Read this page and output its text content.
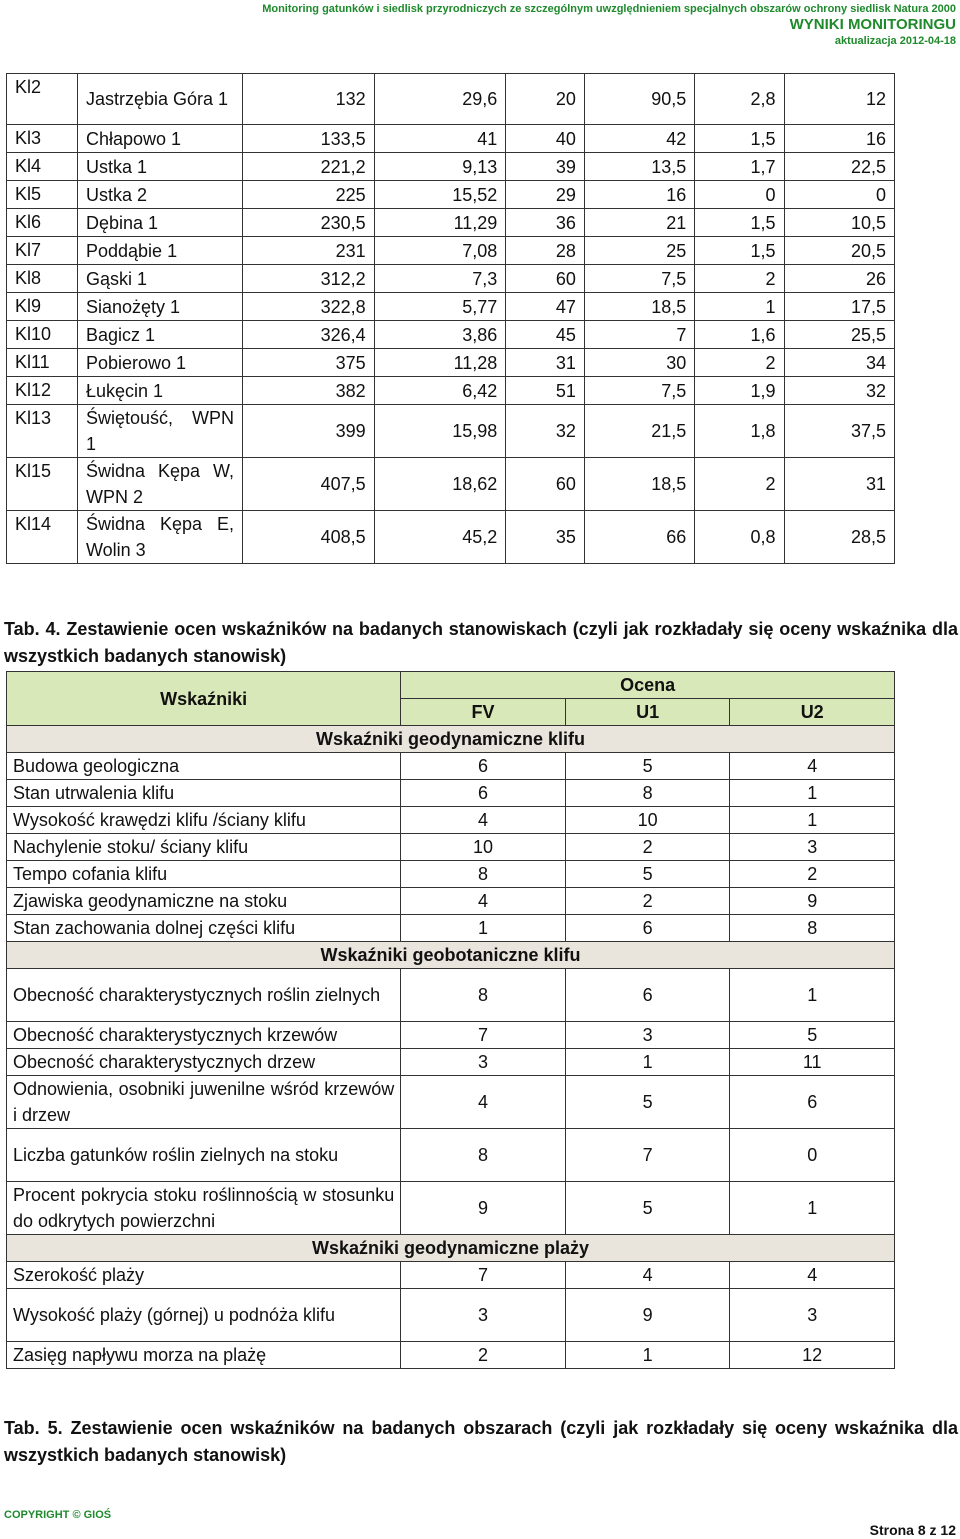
Monitoring gatunków i siedlisk przyrodniczych ze szczególnym uwzględnieniem specjalnych obszarów ochrony siedlisk Natura 2000
WYNIKI MONITORINGU
aktualizacja 2012-04-18
Kl2	Jastrzębia Góra 1	132	29,6	20	90,5	2,8	12
Kl3	Chłapowo 1	133,5	41	40	42	1,5	16
Kl4	Ustka 1	221,2	9,13	39	13,5	1,7	22,5
Kl5	Ustka 2	225	15,52	29	16	0	0
Kl6	Dębina 1	230,5	11,29	36	21	1,5	10,5
Kl7	Poddąbie 1	231	7,08	28	25	1,5	20,5
Kl8	Gąski 1	312,2	7,3	60	7,5	2	26
Kl9	Sianożęty 1	322,8	5,77	47	18,5	1	17,5
Kl10	Bagicz 1	326,4	3,86	45	7	1,6	25,5
Kl11	Pobierowo 1	375	11,28	31	30	2	34
Kl12	Łukęcin 1	382	6,42	51	7,5	1,9	32
Kl13	Świętouść, WPN 1	399	15,98	32	21,5	1,8	37,5
Kl15	Świdna Kępa W, WPN 2	407,5	18,62	60	18,5	2	31
Kl14	Świdna Kępa E, Wolin 3	408,5	45,2	35	66	0,8	28,5
Tab. 4. Zestawienie ocen wskaźników na badanych stanowiskach (czyli jak rozkładały się oceny wskaźnika dla wszystkich badanych stanowisk)
Wskaźniki	Ocena		
	FV	U1	U2
Wskaźniki geodynamiczne klifu			
Budowa geologiczna	6	5	4
Stan utrwalenia klifu	6	8	1
Wysokość krawędzi klifu /ściany klifu	4	10	1
Nachylenie stoku/ ściany klifu	10	2	3
Tempo cofania klifu	8	5	2
Zjawiska geodynamiczne na stoku	4	2	9
Stan zachowania dolnej części klifu	1	6	8
Wskaźniki geobotaniczne klifu			
Obecność charakterystycznych roślin zielnych	8	6	1
Obecność charakterystycznych krzewów	7	3	5
Obecność charakterystycznych drzew	3	1	11
Odnowienia, osobniki juwenilne wśród krzewów i drzew	4	5	6
Liczba gatunków roślin zielnych na stoku	8	7	0
Procent pokrycia stoku roślinnością w stosunku do odkrytych powierzchni	9	5	1
Wskaźniki geodynamiczne plaży			
Szerokość plaży	7	4	4
Wysokość plaży (górnej) u podnóża klifu	3	9	3
Zasięg napływu morza na plażę	2	1	12
Tab. 5. Zestawienie ocen wskaźników na badanych obszarach (czyli jak rozkładały się oceny wskaźnika dla wszystkich badanych stanowisk)
COPYRIGHT © GIOŚ
Strona 8 z 12
